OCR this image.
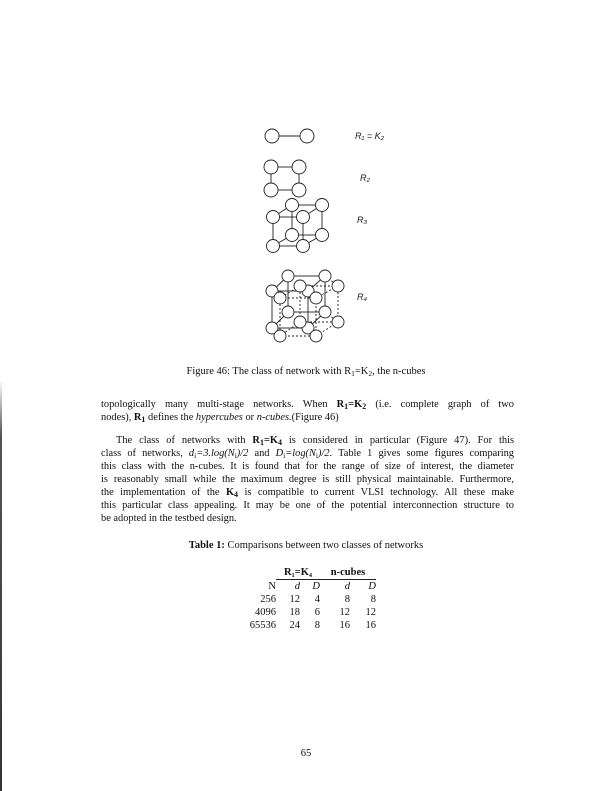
R₁ = K₂
R₂
R₃
R₄
Figure 46: The class of network with $R_1=K_2$, the n-cubes
topologically many multi-stage networks. When R1=K2 (i.e. complete graph of two
nodes), R1 defines the hypercubes or n-cubes.(Figure 46)
The class of networks with R1=K4 is considered in particular (Figure 47). For this
class of networks, $d_i=3.\log(N_i)/2$ and $D_i=\log(N_i)/2$. Table 1 gives some figures comparing
this class with the n-cubes. It is found that for the range of size of interest, the diameter
is reasonably small while the maximum degree is still physical maintainable. Furthermore,
the implementation of the K4 is compatible to current VLSI technology. All these make
this particular class appealing. It may be one of the potential interconnection structure to
be adopted in the testbed design.
Table 1: Comparisons between two classes of networks
	R₁=K₄		n-cubes	
N	d	D	d	D
256	12	4	8	8
4096	18	6	12	12
65536	24	8	16	16
65
